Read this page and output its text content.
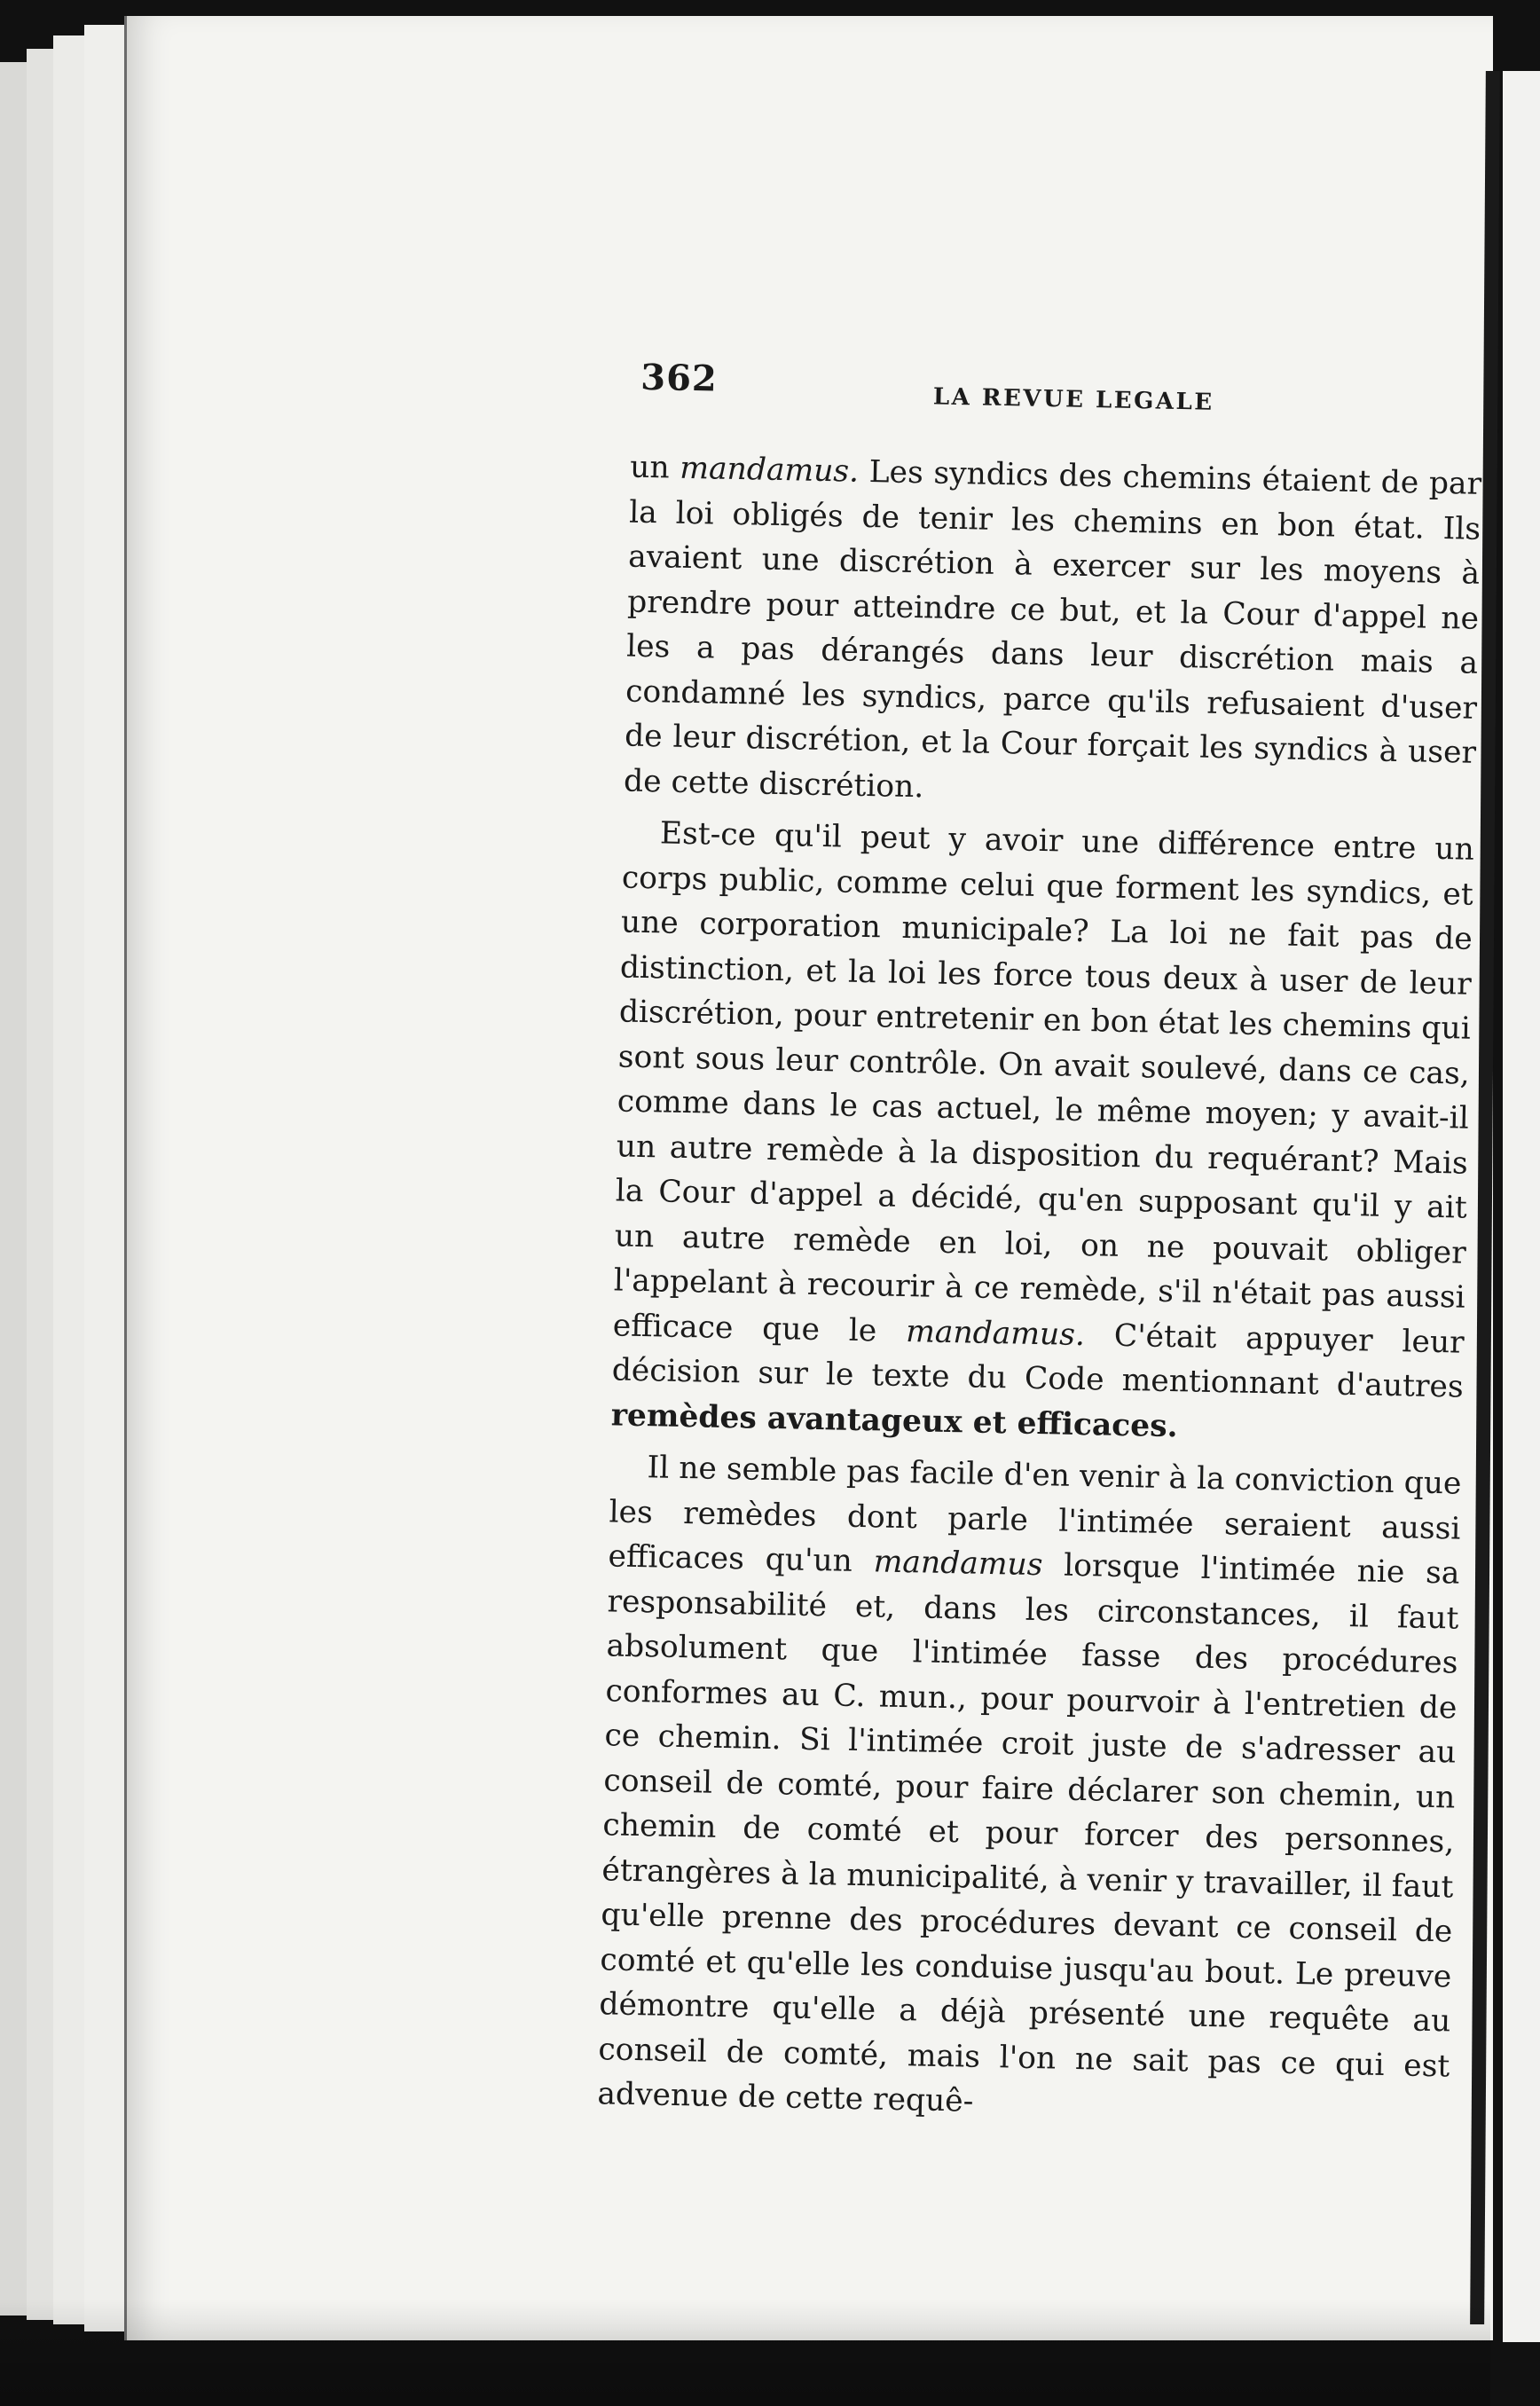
362
LA REVUE LEGALE

un mandamus. Les syndics des chemins étaient de par la loi obligés de tenir les chemins en bon état. Ils avaient une discrétion à exercer sur les moyens à prendre pour atteindre ce but, et la Cour d'appel ne les a pas dérangés dans leur discrétion mais a condamné les syndics, parce qu'ils refusaient d'user de leur discrétion, et la Cour forçait les syndics à user de cette discrétion.

Est-ce qu'il peut y avoir une différence entre un corps public, comme celui que forment les syndics, et une corporation municipale? La loi ne fait pas de distinction, et la loi les force tous deux à user de leur discrétion, pour entretenir en bon état les chemins qui sont sous leur contrôle. On avait soulevé, dans ce cas, comme dans le cas actuel, le même moyen; y avait-il un autre remède à la disposition du requérant? Mais la Cour d'appel a décidé, qu'en supposant qu'il y ait un autre remède en loi, on ne pouvait obliger l'appelant à recourir à ce remède, s'il n'était pas aussi efficace que le mandamus. C'était appuyer leur décision sur le texte du Code mentionnant d'autres remèdes avantageux et efficaces.

Il ne semble pas facile d'en venir à la conviction que les remèdes dont parle l'intimée seraient aussi efficaces qu'un mandamus lorsque l'intimée nie sa responsabilité et, dans les circonstances, il faut absolument que l'intimée fasse des procédures conformes au C. mun., pour pourvoir à l'entretien de ce chemin. Si l'intimée croit juste de s'adresser au conseil de comté, pour faire déclarer son chemin, un chemin de comté et pour forcer des personnes, étrangères à la municipalité, à venir y travailler, il faut qu'elle prenne des procédures devant ce conseil de comté et qu'elle les conduise jusqu'au bout. Le preuve démontre qu'elle a déjà présenté une requête au conseil de comté, mais l'on ne sait pas ce qui est advenue de cette requê-
